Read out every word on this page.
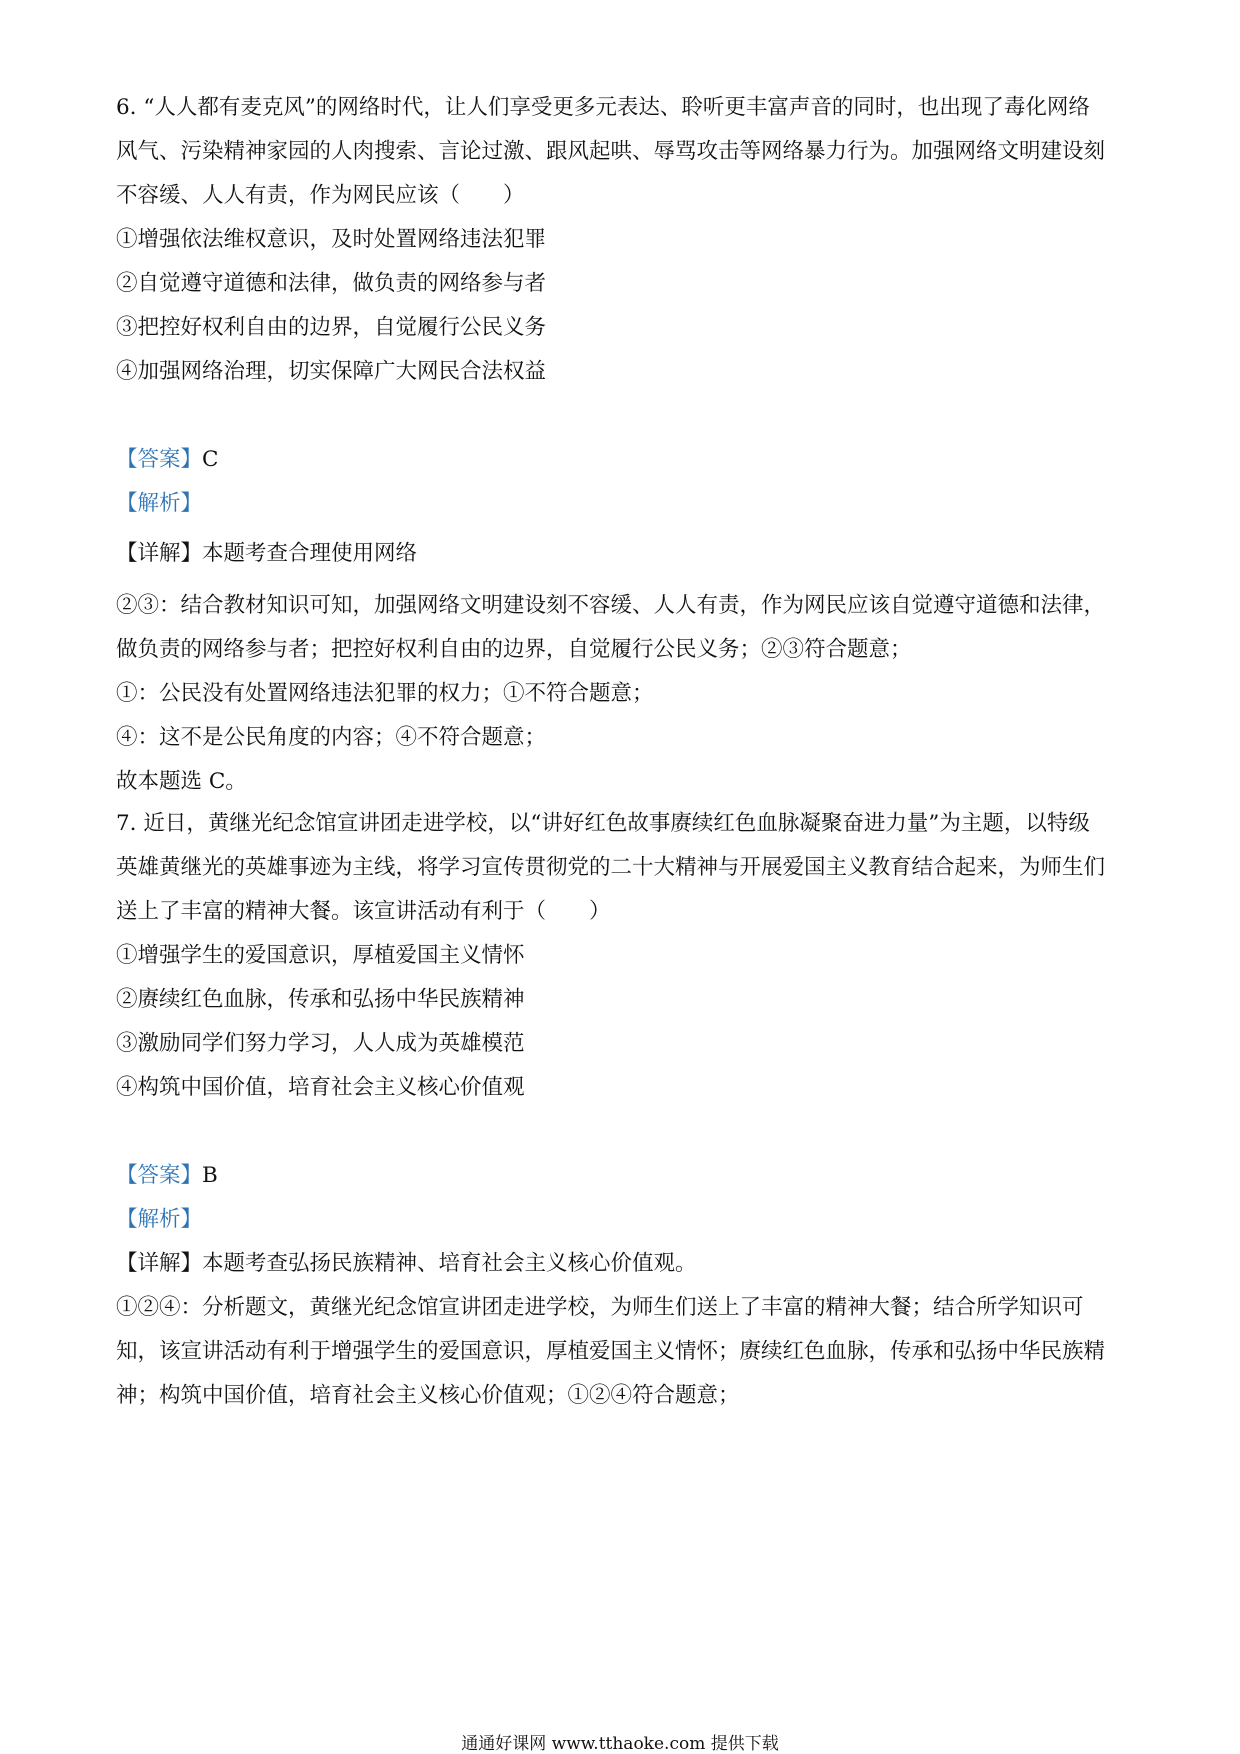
6. “人人都有麦克风”的网络时代，让人们享受更多元表达、聆听更丰富声音的同时，也出现了毒化网络
风气、污染精神家园的人肉搜索、言论过激、跟风起哄、辱骂攻击等网络暴力行为。加强网络文明建设刻
不容缓、人人有责，作为网民应该（　　）
①增强依法维权意识，及时处置网络违法犯罪
②自觉遵守道德和法律，做负责的网络参与者
③把控好权利自由的边界，自觉履行公民义务
④加强网络治理，切实保障广大网民合法权益
【答案】C
【解析】
【详解】本题考查合理使用网络
②③：结合教材知识可知，加强网络文明建设刻不容缓、人人有责，作为网民应该自觉遵守道德和法律，
做负责的网络参与者；把控好权利自由的边界，自觉履行公民义务；②③符合题意；
①：公民没有处置网络违法犯罪的权力；①不符合题意；
④：这不是公民角度的内容；④不符合题意；
故本题选 C。
7. 近日，黄继光纪念馆宣讲团走进学校，以“讲好红色故事赓续红色血脉凝聚奋进力量”为主题，以特级
英雄黄继光的英雄事迹为主线，将学习宣传贯彻党的二十大精神与开展爱国主义教育结合起来，为师生们
送上了丰富的精神大餐。该宣讲活动有利于（　　）
①增强学生的爱国意识，厚植爱国主义情怀
②赓续红色血脉，传承和弘扬中华民族精神
③激励同学们努力学习，人人成为英雄模范
④构筑中国价值，培育社会主义核心价值观
【答案】B
【解析】
【详解】本题考查弘扬民族精神、培育社会主义核心价值观。
①②④：分析题文，黄继光纪念馆宣讲团走进学校，为师生们送上了丰富的精神大餐；结合所学知识可
知，该宣讲活动有利于增强学生的爱国意识，厚植爱国主义情怀；赓续红色血脉，传承和弘扬中华民族精
神；构筑中国价值，培育社会主义核心价值观；①②④符合题意；
通通好课网 www.tthaoke.com 提供下载
